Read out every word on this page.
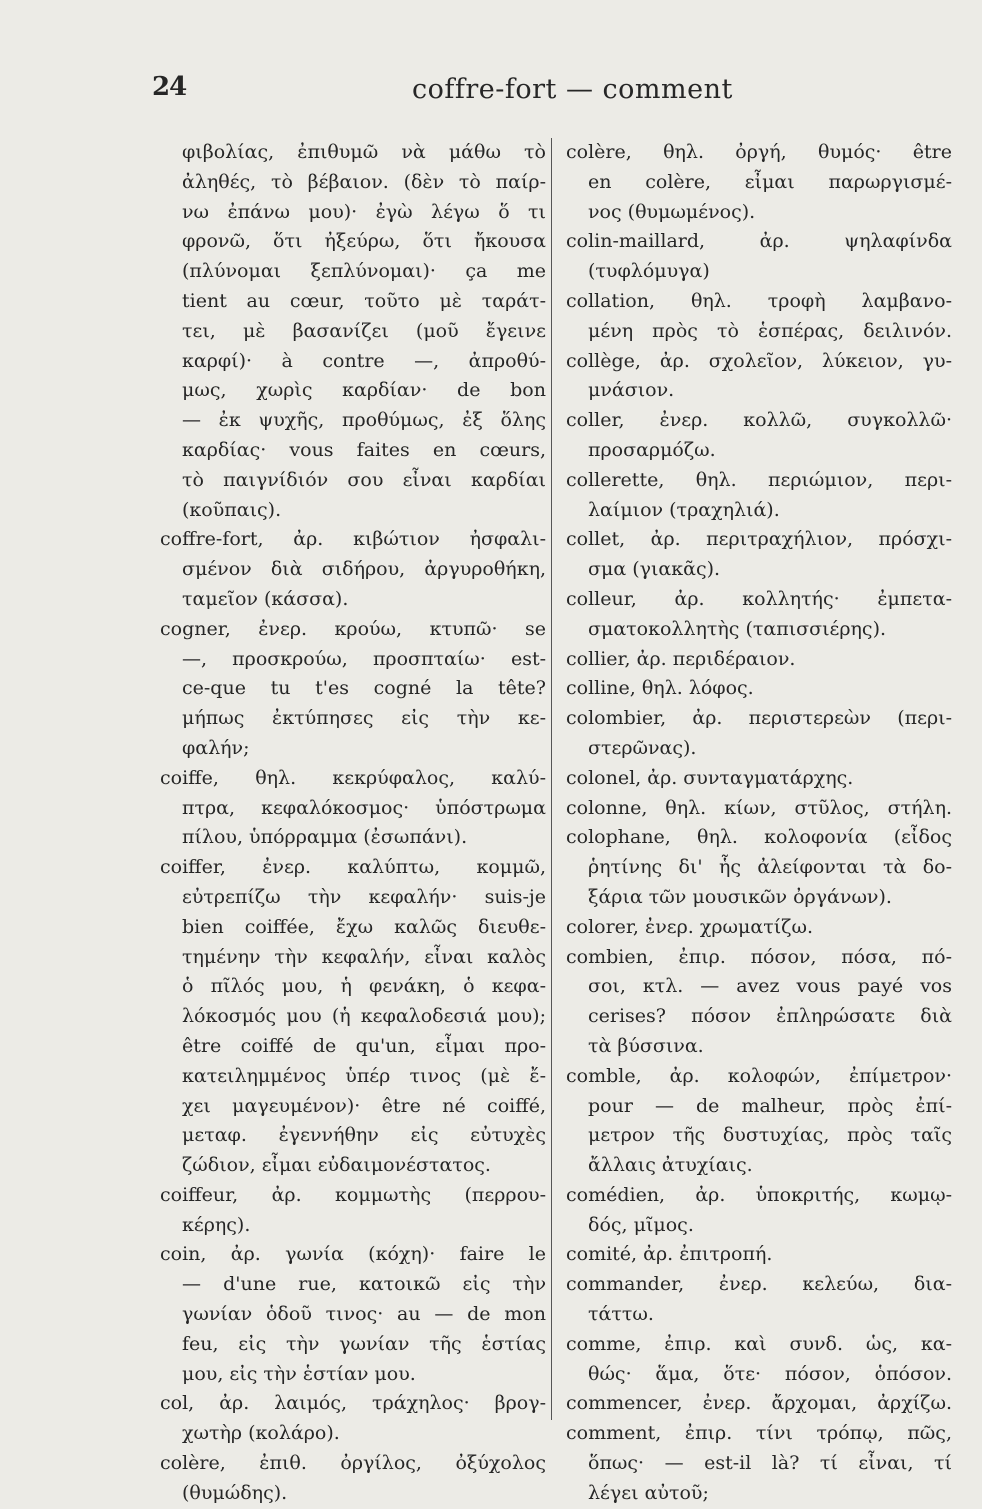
24	coffre-fort — comment
φιβολίας, ἐπιθυμῶ νὰ μάθω τὸ
ἀληθές, τὸ βέβαιον. (δὲν τὸ παίρ-
νω ἐπάνω μου)· ἐγὼ λέγω ὅ τι
φρονῶ, ὅτι ἠξεύρω, ὅτι ἤκουσα
(πλύνομαι ξεπλύνομαι)· ça me
tient au cœur, τοῦτο μὲ ταράτ-
τει, μὲ βασανίζει (μοῦ ἔγεινε
καρφί)· à contre —, ἀπροθύ-
μως, χωρὶς καρδίαν· de bon
— ἐκ ψυχῆς, προθύμως, ἐξ ὅλης
καρδίας· vous faites en cœurs,
τὸ παιγνίδιόν σου εἶναι καρδίαι
(κοῦπαις).
coffre-fort, ἀρ. κιβώτιον ἠσφαλι-
σμένον διὰ σιδήρου, ἀργυροθήκη,
ταμεῖον (κάσσα).
cogner, ἐνερ. κρούω, κτυπῶ· se
—, προσκρούω, προσπταίω· est-
ce-que tu t'es cogné la tête?
μήπως ἐκτύπησες εἰς τὴν κε-
φαλήν;
coiffe, θηλ. κεκρύφαλος, καλύ-
πτρα, κεφαλόκοσμος· ὑπόστρωμα
πίλου, ὑπόρραμμα (ἐσωπάνι).
coiffer, ἐνερ. καλύπτω, κομμῶ,
εὐτρεπίζω τὴν κεφαλήν· suis-je
bien coiffée, ἔχω καλῶς διευθε-
τημένην τὴν κεφαλήν, εἶναι καλὸς
ὁ πῖλός μου, ἡ φενάκη, ὁ κεφα-
λόκοσμός μου (ἡ κεφαλοδεσιά μου);
être coiffé de qu'un, εἶμαι προ-
κατειλημμένος ὑπέρ τινος (μὲ ἔ-
χει μαγευμένον)· être né coiffé,
μεταφ. ἐγεννήθην εἰς εὐτυχὲς
ζώδιον, εἶμαι εὐδαιμονέστατος.
coiffeur, ἀρ. κομμωτὴς (περρου-
κέρης).
coin, ἀρ. γωνία (κόχη)· faire le
— d'une rue, κατοικῶ εἰς τὴν
γωνίαν ὁδοῦ τινος· au — de mon
feu, εἰς τὴν γωνίαν τῆς ἑστίας
μου, εἰς τὴν ἑστίαν μου.
col, ἀρ. λαιμός, τράχηλος· βρογ-
χωτὴρ (κολάρο).
colère, ἐπιθ. ὀργίλος, ὀξύχολος
(θυμώδης).
colère, θηλ. ὀργή, θυμός· être
en colère, εἶμαι παρωργισμέ-
νος (θυμωμένος).
colin-maillard, ἀρ. ψηλαφίνδα
(τυφλόμυγα)
collation, θηλ. τροφὴ λαμβανο-
μένη πρὸς τὸ ἑσπέρας, δειλινόν.
collège, ἀρ. σχολεῖον, λύκειον, γυ-
μνάσιον.
coller, ἐνερ. κολλῶ, συγκολλῶ·
προσαρμόζω.
collerette, θηλ. περιώμιον, περι-
λαίμιον (τραχηλιά).
collet, ἀρ. περιτραχήλιον, πρόσχι-
σμα (γιακᾶς).
colleur, ἀρ. κολλητής· ἐμπετα-
σματοκολλητὴς (ταπισσιέρης).
collier, ἀρ. περιδέραιον.
colline, θηλ. λόφος.
colombier, ἀρ. περιστερεὼν (περι-
στερῶνας).
colonel, ἀρ. συνταγματάρχης.
colonne, θηλ. κίων, στῦλος, στήλη.
colophane, θηλ. κολοφονία (εἶδος
ῥητίνης δι' ἧς ἀλείφονται τὰ δο-
ξάρια τῶν μουσικῶν ὀργάνων).
colorer, ἐνερ. χρωματίζω.
combien, ἐπιρ. πόσον, πόσα, πό-
σοι, κτλ. — avez vous payé vos
cerises? πόσον ἐπληρώσατε διὰ
τὰ βύσσινα.
comble, ἀρ. κολοφών, ἐπίμετρον·
pour — de malheur, πρὸς ἐπί-
μετρον τῆς δυστυχίας, πρὸς ταῖς
ἄλλαις ἀτυχίαις.
comédien, ἀρ. ὑποκριτής, κωμῳ-
δός, μῖμος.
comité, ἀρ. ἐπιτροπή.
commander, ἐνερ. κελεύω, δια-
τάττω.
comme, ἐπιρ. καὶ συνδ. ὡς, κα-
θώς· ἅμα, ὅτε· πόσον, ὁπόσον.
commencer, ἐνερ. ἄρχομαι, ἀρχίζω.
comment, ἐπιρ. τίνι τρόπῳ, πῶς,
ὅπως· — est-il là? τί εἶναι, τί
λέγει αὐτοῦ;
